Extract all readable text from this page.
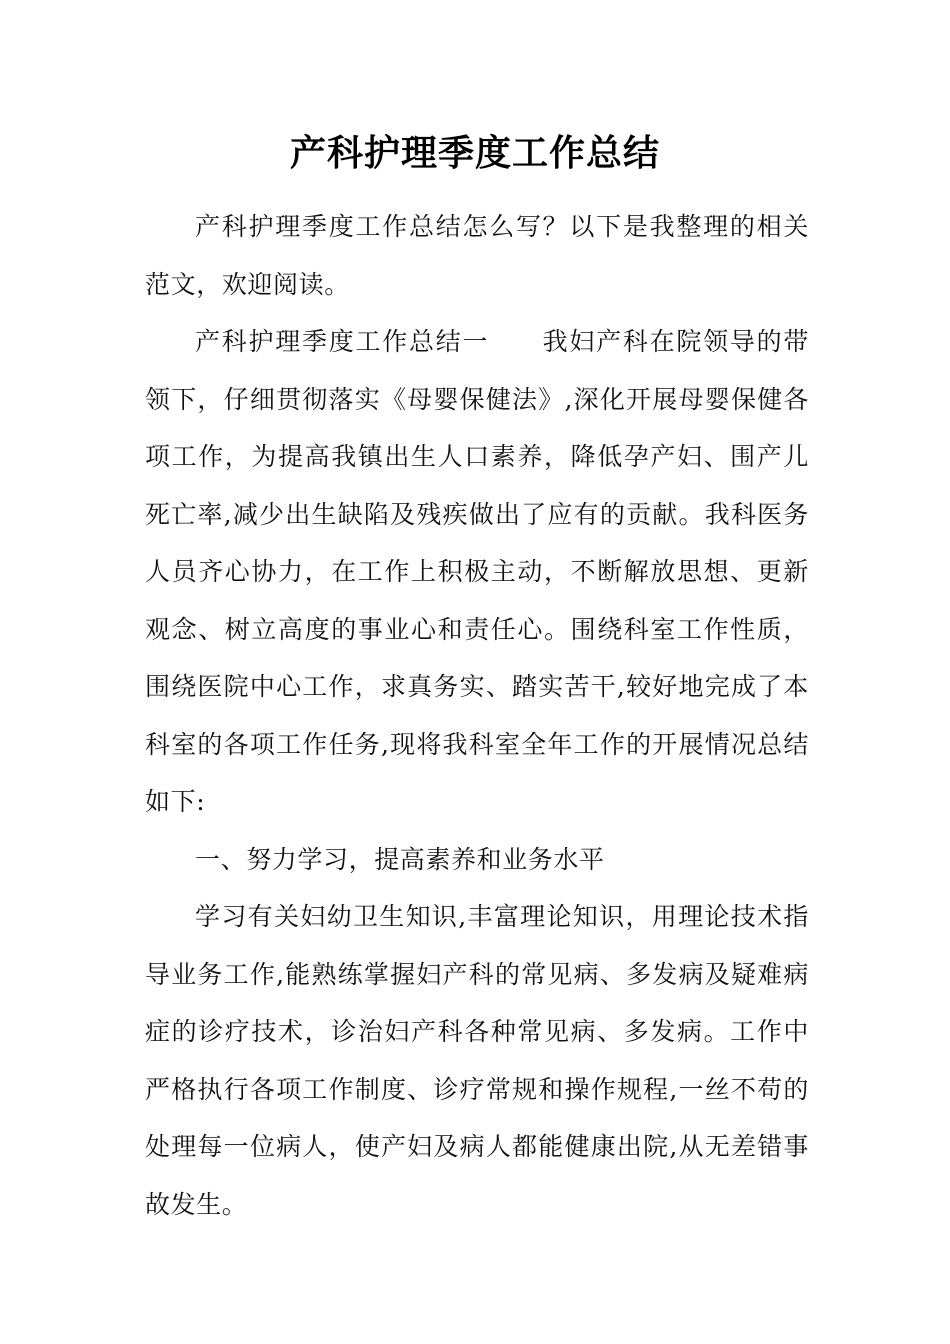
产科护理季度工作总结

产科护理季度工作总结怎么写？以下是我整理的相关范文，欢迎阅读。

产科护理季度工作总结一　　我妇产科在院领导的带领下，仔细贯彻落实《母婴保健法》,深化开展母婴保健各项工作，为提高我镇出生人口素养，降低孕产妇、围产儿死亡率,减少出生缺陷及残疾做出了应有的贡献。我科医务人员齐心协力，在工作上积极主动，不断解放思想、更新观念、树立高度的事业心和责任心。围绕科室工作性质，围绕医院中心工作，求真务实、踏实苦干,较好地完成了本科室的各项工作任务,现将我科室全年工作的开展情况总结如下:

一、努力学习，提高素养和业务水平

学习有关妇幼卫生知识,丰富理论知识，用理论技术指导业务工作,能熟练掌握妇产科的常见病、多发病及疑难病症的诊疗技术，诊治妇产科各种常见病、多发病。工作中严格执行各项工作制度、诊疗常规和操作规程,一丝不苟的处理每一位病人，使产妇及病人都能健康出院,从无差错事故发生。
